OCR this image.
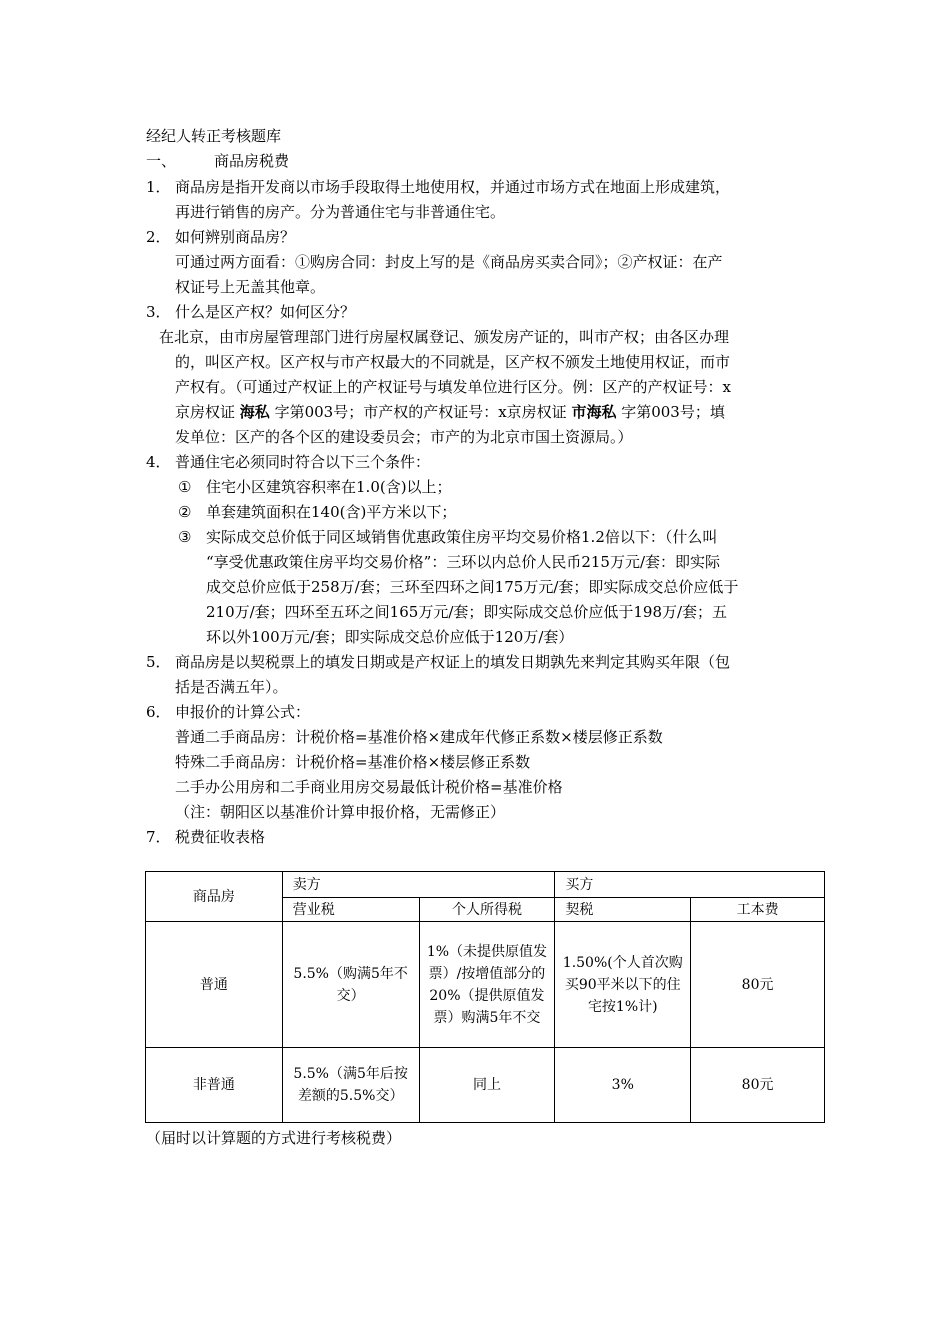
经纪人转正考核题库
一、	商品房税费
1． 商品房是指开发商以市场手段取得土地使用权，并通过市场方式在地面上形成建筑，
再进行销售的房产。分为普通住宅与非普通住宅。
2． 如何辨别商品房？
可通过两方面看：①购房合同：封皮上写的是《商品房买卖合同》；②产权证：在产
权证号上无盖其他章。
3． 什么是区产权？如何区分？
在北京，由市房屋管理部门进行房屋权属登记、颁发房产证的，叫市产权；由各区办理
的，叫区产权。区产权与市产权最大的不同就是，区产权不颁发土地使用权证，而市
产权有。（可通过产权证上的产权证号与填发单位进行区分。例：区产的产权证号：x
京房权证 海私 字第003号；市产权的产权证号：x京房权证 市海私 字第003号；填
发单位：区产的各个区的建设委员会；市产的为北京市国土资源局。）
4． 普通住宅必须同时符合以下三个条件：
① 住宅小区建筑容积率在1.0(含)以上；
② 单套建筑面积在140(含)平方米以下；
③ 实际成交总价低于同区域销售优惠政策住房平均交易价格1.2倍以下：（什么叫
“享受优惠政策住房平均交易价格”：三环以内总价人民币215万元/套：即实际
成交总价应低于258万/套；三环至四环之间175万元/套；即实际成交总价应低于
210万/套；四环至五环之间165万元/套；即实际成交总价应低于198万/套；五
环以外100万元/套；即实际成交总价应低于120万/套）
5． 商品房是以契税票上的填发日期或是产权证上的填发日期孰先来判定其购买年限（包
括是否满五年）。
6． 申报价的计算公式：
普通二手商品房：计税价格=基准价格×建成年代修正系数×楼层修正系数
特殊二手商品房：计税价格=基准价格×楼层修正系数
二手办公用房和二手商业用房交易最低计税价格=基准价格
（注：朝阳区以基准价计算申报价格，无需修正）
7． 税费征收表格
商品房	卖方		买方	
	营业税	个人所得税	契税	工本费
普通	5.5%（购满5年不交）	1%（未提供原值发票）/按增值部分的20%（提供原值发票）购满5年不交	1.50%(个人首次购买90平米以下的住宅按1%计)	80元
非普通	5.5%（满5年后按差额的5.5%交）	同上	3%	80元
（届时以计算题的方式进行考核税费）
